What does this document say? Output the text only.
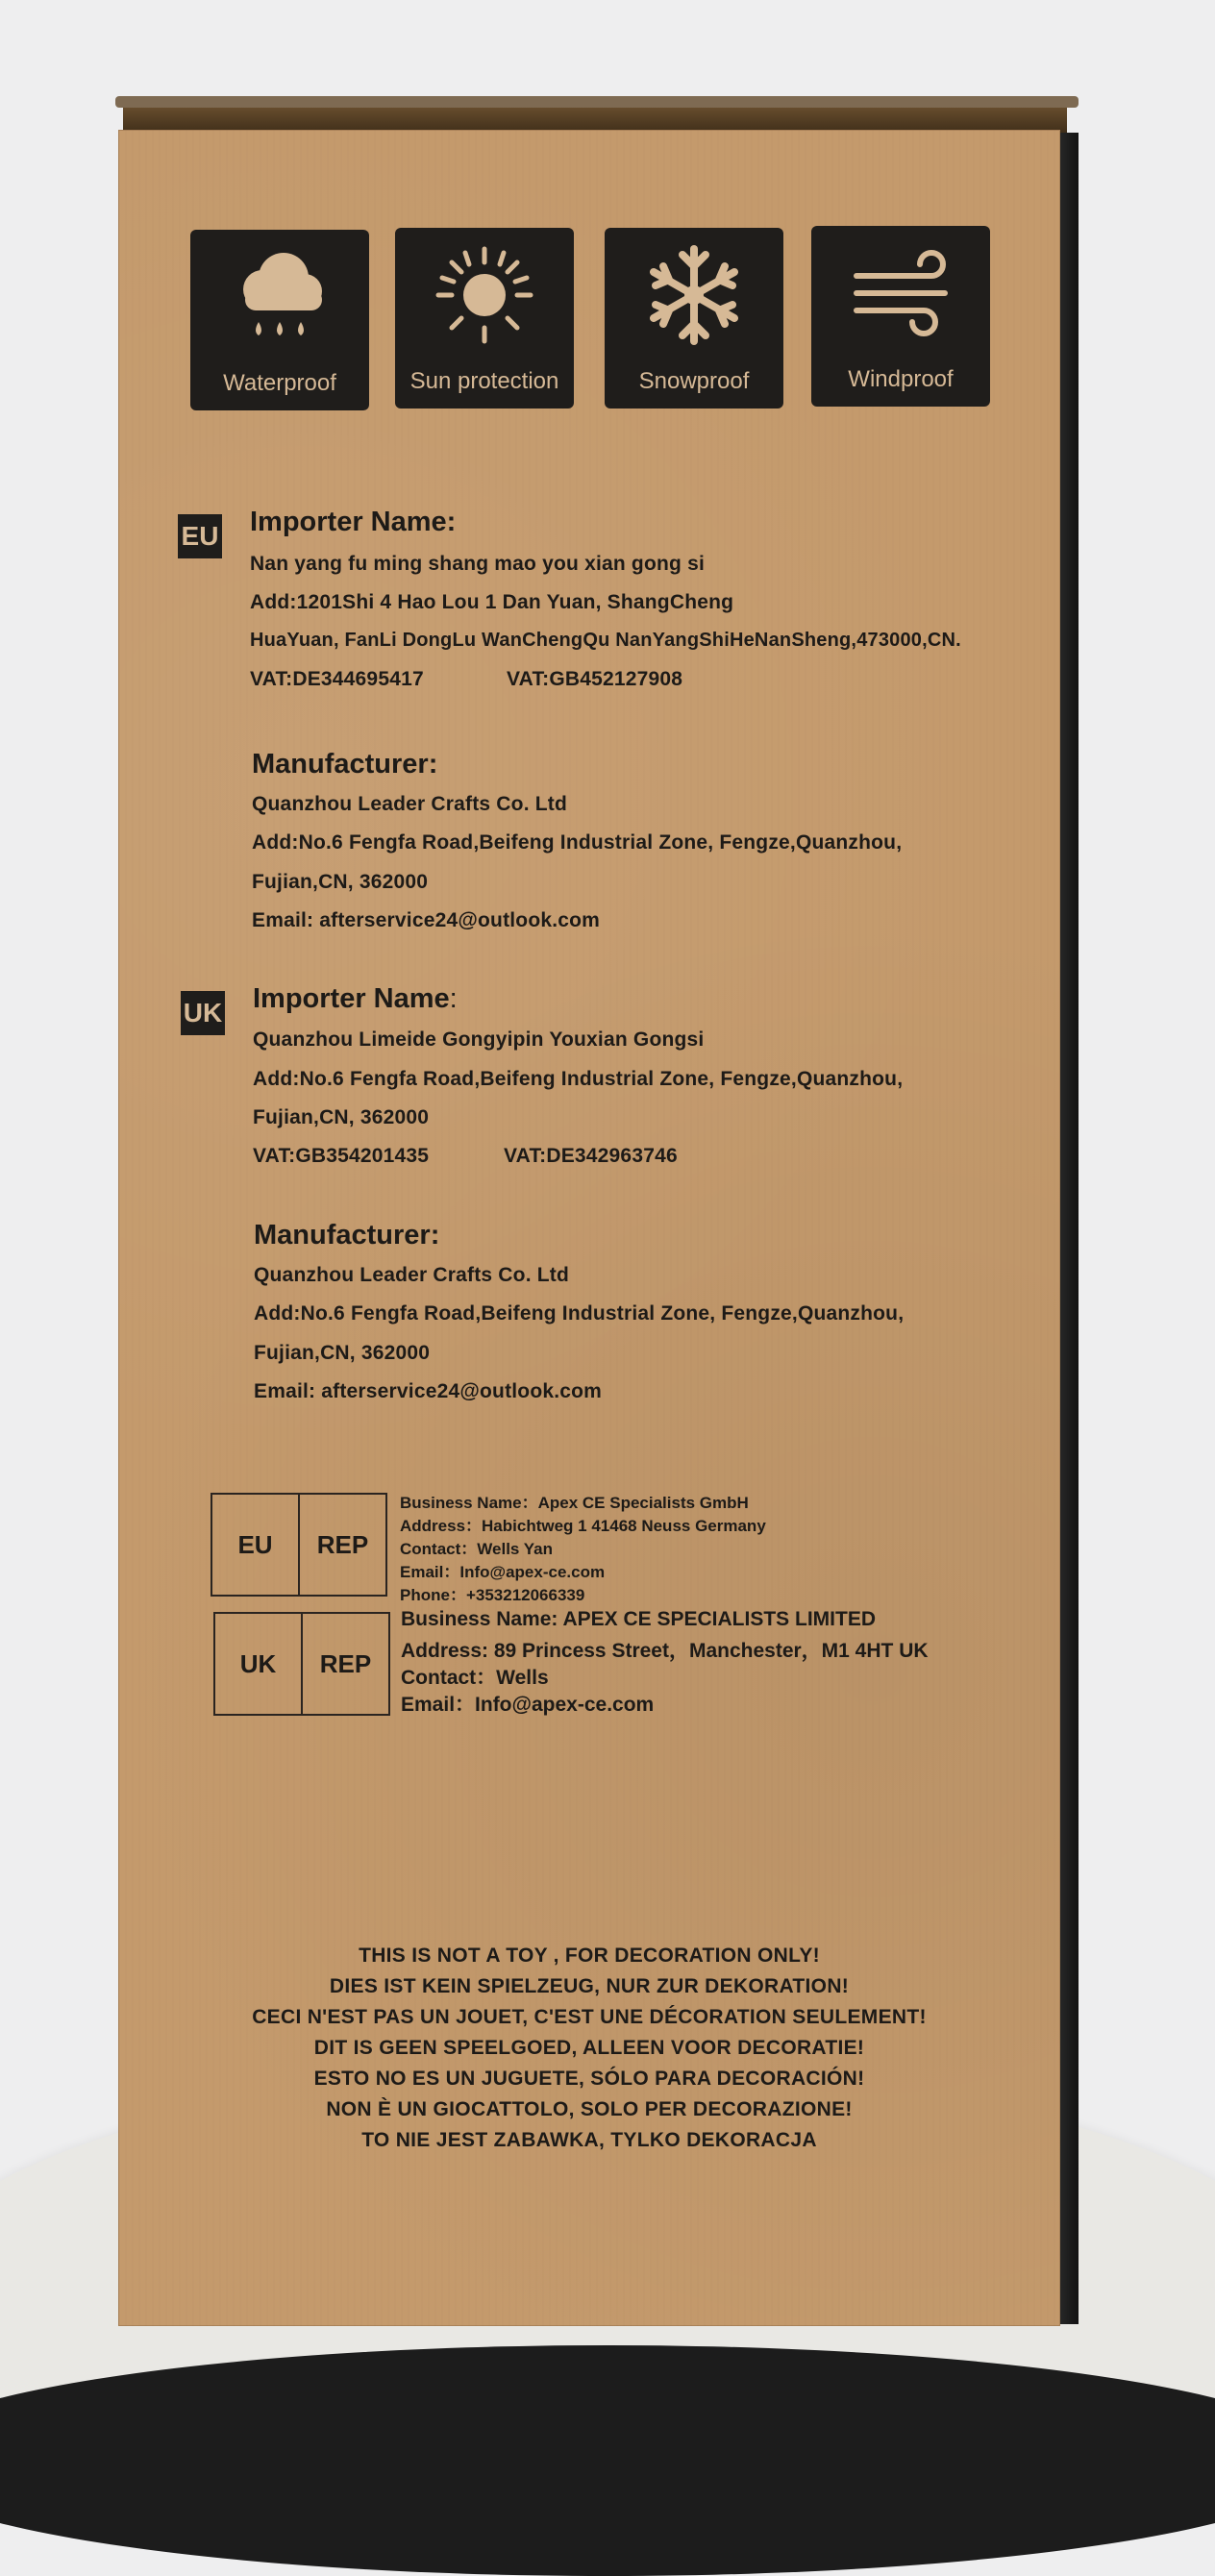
Waterproof	Sun protection	Snowproof	Windproof
EU Importer Name:
Nan yang fu ming shang mao you xian gong si
Add:1201Shi 4 Hao Lou 1 Dan Yuan, ShangCheng
HuaYuan, FanLi DongLu WanChengQu NanYangShiHeNanSheng,473000,CN.
VAT:DE344695417	VAT:GB452127908
Manufacturer:
Quanzhou Leader Crafts Co. Ltd
Add:No.6 Fengfa Road,Beifeng Industrial Zone, Fengze,Quanzhou,
Fujian,CN, 362000
Email: afterservice24@outlook.com
UK Importer Name:
Quanzhou Limeide Gongyipin Youxian Gongsi
Add:No.6 Fengfa Road,Beifeng Industrial Zone, Fengze,Quanzhou,
Fujian,CN, 362000
VAT:GB354201435	VAT:DE342963746
Manufacturer:
Quanzhou Leader Crafts Co. Ltd
Add:No.6 Fengfa Road,Beifeng Industrial Zone, Fengze,Quanzhou,
Fujian,CN, 362000
Email: afterservice24@outlook.com
EU	REP
Business Name：Apex CE Specialists GmbH
Address：Habichtweg 1 41468 Neuss Germany
Contact：Wells Yan
Email：Info@apex-ce.com
Phone：+353212066339
UK	REP
Business Name: APEX CE SPECIALISTS LIMITED
Address: 89 Princess Street，Manchester，M1 4HT UK
Contact：Wells
Email：Info@apex-ce.com
THIS IS NOT A TOY , FOR DECORATION ONLY!
DIES IST KEIN SPIELZEUG, NUR ZUR DEKORATION!
CECI N'EST PAS UN JOUET, C'EST UNE DÉCORATION SEULEMENT!
DIT IS GEEN SPEELGOED, ALLEEN VOOR DECORATIE!
ESTO NO ES UN JUGUETE, SÓLO PARA DECORACIÓN!
NON È UN GIOCATTOLO, SOLO PER DECORAZIONE!
TO NIE JEST ZABAWKA, TYLKO DEKORACJA
